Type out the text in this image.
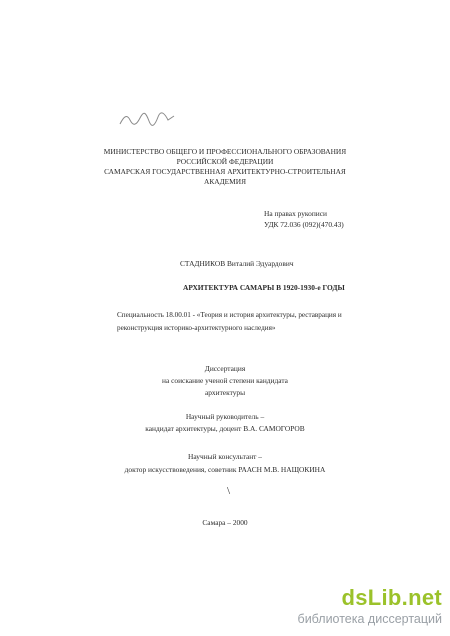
МИНИСТЕРСТВО ОБЩЕГО И ПРОФЕССИОНАЛЬНОГО ОБРАЗОВАНИЯ
РОССИЙСКОЙ ФЕДЕРАЦИИ
САМАРСКАЯ ГОСУДАРСТВЕННАЯ АРХИТЕКТУРНО-СТРОИТЕЛЬНАЯ
АКАДЕМИЯ
На правах рукописи
УДК 72.036 (092)(470.43)
СТАДНИКОВ Виталий Эдуардович
АРХИТЕКТУРА САМАРЫ В 1920-1930-е ГОДЫ
Специальность 18.00.01 - «Теория и история архитектуры, реставрация и
реконструкция историко-архитектурного наследия»
Диссертация
на соискание ученой степени кандидата
архитектуры
Научный руководитель –
кандидат архитектуры, доцент В.А. САМОГОРОВ
Научный консультант –
доктор искусствоведения, советник РААСН М.В. НАЩОКИНА
\
Самара – 2000
dsLib.net
библиотека диссертаций
